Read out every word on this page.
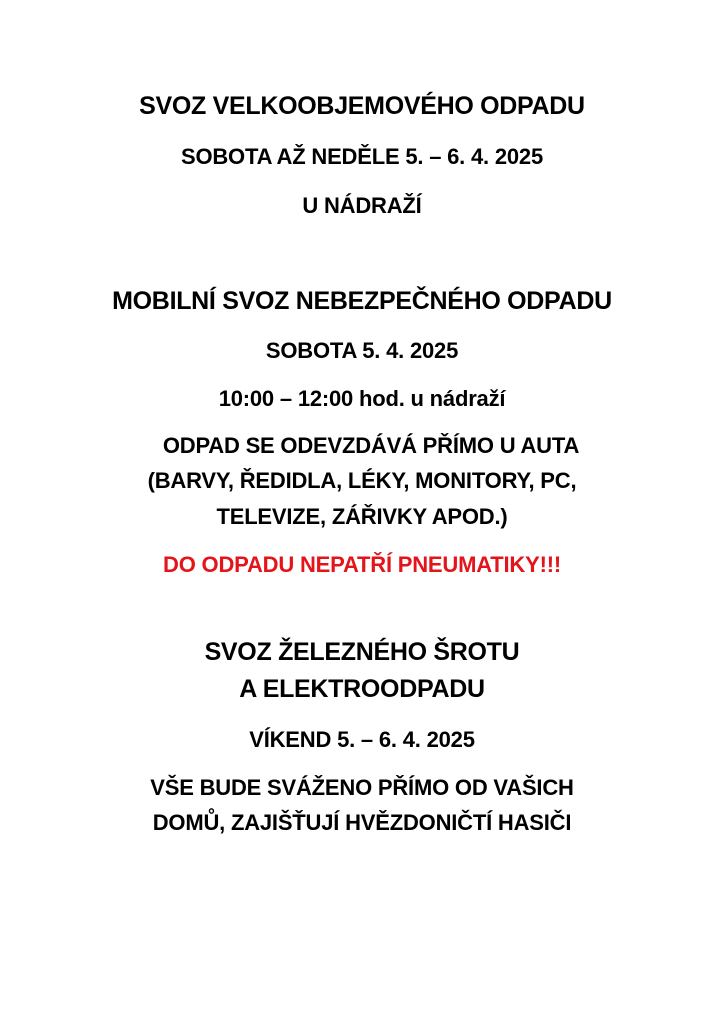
SVOZ VELKOOBJEMOVÉHO ODPADU
SOBOTA AŽ NEDĚLE 5. – 6. 4. 2025
U NÁDRAŽÍ
MOBILNÍ SVOZ NEBEZPEČNÉHO ODPADU
SOBOTA 5. 4. 2025
10:00 – 12:00 hod. u nádraží
ODPAD SE ODEVZDÁVÁ PŘÍMO U AUTA
(BARVY, ŘEDIDLA, LÉKY, MONITORY, PC,
TELEVIZE, ZÁŘIVKY APOD.)
DO ODPADU NEPATŘÍ PNEUMATIKY!!!
SVOZ ŽELEZNÉHO ŠROTU
A ELEKTROODPADU
VÍKEND 5. – 6. 4. 2025
VŠE BUDE SVÁŽENO PŘÍMO OD VAŠICH
DOMŮ, ZAJIŠŤUJÍ HVĚZDONIČTÍ HASIČI
